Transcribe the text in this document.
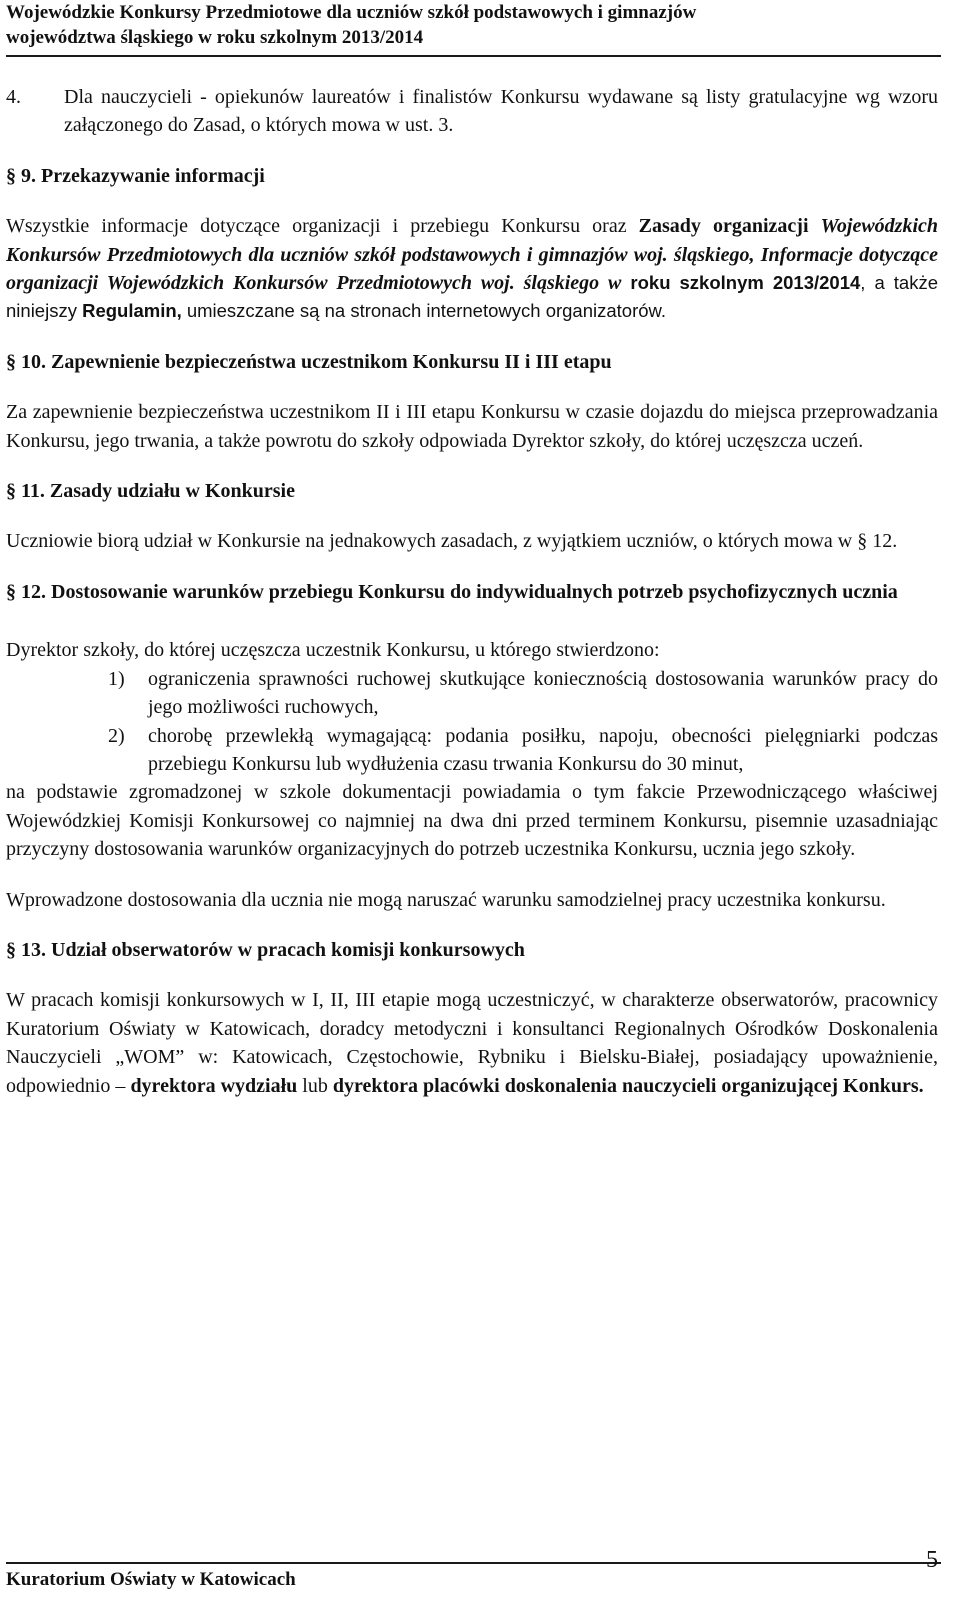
Wojewódzkie Konkursy Przedmiotowe dla uczniów szkół podstawowych i gimnazjów
województwa śląskiego w roku szkolnym 2013/2014

4.	Dla nauczycieli - opiekunów laureatów i finalistów Konkursu wydawane są listy gratulacyjne wg wzoru załączonego do Zasad, o których mowa w ust. 3.

§ 9. Przekazywanie informacji

Wszystkie informacje dotyczące organizacji i przebiegu Konkursu oraz Zasady organizacji Wojewódzkich Konkursów Przedmiotowych dla uczniów szkół podstawowych i gimnazjów woj. śląskiego, Informacje dotyczące organizacji Wojewódzkich Konkursów Przedmiotowych woj. śląskiego w roku szkolnym 2013/2014, a także niniejszy Regulamin, umieszczane są na stronach internetowych organizatorów.

§ 10. Zapewnienie bezpieczeństwa uczestnikom Konkursu II i III etapu

Za zapewnienie bezpieczeństwa uczestnikom II i III etapu Konkursu w czasie dojazdu do miejsca przeprowadzania Konkursu, jego trwania, a także powrotu do szkoły odpowiada Dyrektor szkoły, do której uczęszcza uczeń.

§ 11. Zasady udziału w Konkursie

Uczniowie biorą udział w Konkursie na jednakowych zasadach, z wyjątkiem uczniów, o których mowa w § 12.

§ 12. Dostosowanie warunków przebiegu Konkursu do indywidualnych potrzeb psychofizycznych ucznia

Dyrektor szkoły, do której uczęszcza uczestnik Konkursu, u którego stwierdzono:

1)	ograniczenia sprawności ruchowej skutkujące koniecznością dostosowania warunków pracy do jego możliwości ruchowych,
2)	chorobę przewlekłą wymagającą: podania posiłku, napoju, obecności pielęgniarki podczas przebiegu Konkursu lub wydłużenia czasu trwania Konkursu do 30 minut,

na podstawie zgromadzonej w szkole dokumentacji powiadamia o tym fakcie Przewodniczącego właściwej Wojewódzkiej Komisji Konkursowej co najmniej na dwa dni przed terminem Konkursu, pisemnie uzasadniając przyczyny dostosowania warunków organizacyjnych do potrzeb uczestnika Konkursu, ucznia jego szkoły.

Wprowadzone dostosowania dla ucznia nie mogą naruszać warunku samodzielnej pracy uczestnika konkursu.

§ 13. Udział obserwatorów w pracach komisji konkursowych

W pracach komisji konkursowych w I, II, III etapie mogą uczestniczyć, w charakterze obserwatorów, pracownicy Kuratorium Oświaty w Katowicach, doradcy metodyczni i konsultanci Regionalnych Ośrodków Doskonalenia Nauczycieli „WOM” w: Katowicach, Częstochowie, Rybniku i Bielsku-Białej, posiadający upoważnienie, odpowiednio – dyrektora wydziału lub dyrektora placówki doskonalenia nauczycieli organizującej Konkurs.

Kuratorium Oświaty w Katowicach
5
